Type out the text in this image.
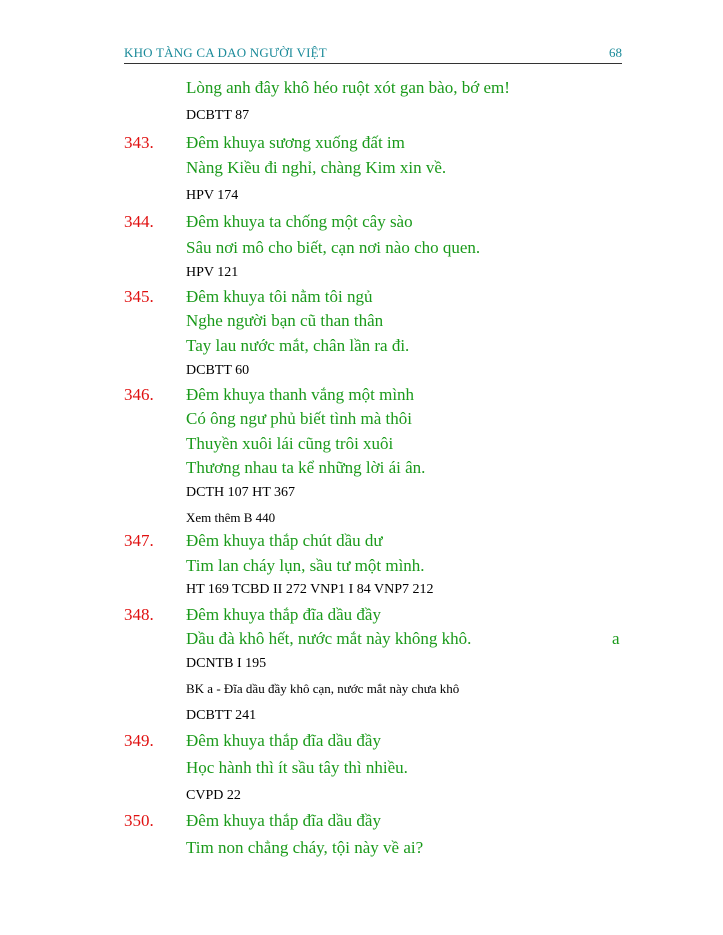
KHO TÀNG CA DAO NGƯỜI VIỆT	68
Lòng anh đây khô héo ruột xót gan bào, bớ em!
DCBTT 87
343. Đêm khuya sương xuống đất im
Nàng Kiều đi nghỉ, chàng Kim xin về.
HPV 174
344. Đêm khuya ta chống một cây sào
Sâu nơi mô cho biết, cạn nơi nào cho quen.
HPV 121
345. Đêm khuya tôi nằm tôi ngủ
Nghe người bạn cũ than thân
Tay lau nước mắt, chân lần ra đi.
DCBTT 60
346. Đêm khuya thanh vắng một mình
Có ông ngư phủ biết tình mà thôi
Thuyền xuôi lái cũng trôi xuôi
Thương nhau ta kể những lời ái ân.
DCTH 107 HT 367
Xem thêm B 440
347. Đêm khuya thắp chút dầu dư
Tim lan cháy lụn, sầu tư một mình.
HT 169 TCBD II 272 VNP1 I 84 VNP7 212
348. Đêm khuya thắp đĩa dầu đầy
Dầu đà khô hết, nước mắt này không khô.	a
DCNTB I 195
BK a - Đĩa dầu đầy khô cạn, nước mắt này chưa khô
DCBTT 241
349. Đêm khuya thắp đĩa dầu đầy
Học hành thì ít sầu tây thì nhiều.
CVPD 22
350. Đêm khuya thắp đĩa dầu đầy
Tim non chẳng cháy, tội này về ai?
